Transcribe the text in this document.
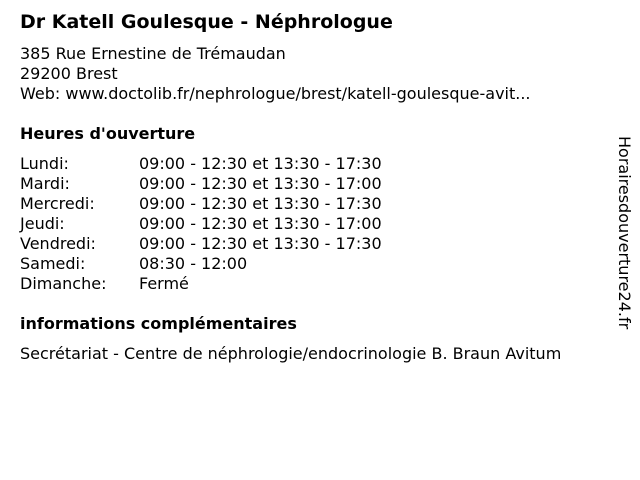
Dr Katell Goulesque - Néphrologue
385 Rue Ernestine de Trémaudan
29200 Brest
Web: www.doctolib.fr/nephrologue/brest/katell-goulesque-avit...
Heures d'ouverture
Lundi:	09:00 - 12:30 et 13:30 - 17:30
Mardi:	09:00 - 12:30 et 13:30 - 17:00
Mercredi:	09:00 - 12:30 et 13:30 - 17:30
Jeudi:	09:00 - 12:30 et 13:30 - 17:00
Vendredi:	09:00 - 12:30 et 13:30 - 17:30
Samedi:	08:30 - 12:00
Dimanche: Fermé
informations complémentaires
Secrétariat - Centre de néphrologie/endocrinologie B. Braun Avitum
Horairesdouverture24.fr
